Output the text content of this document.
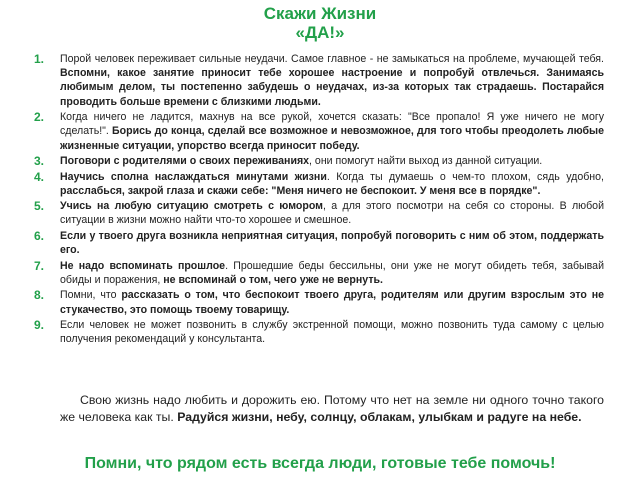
Скажи Жизни
«ДА!»
1. Порой человек переживает сильные неудачи. Самое главное - не замыкаться на проблеме, мучающей тебя. Вспомни, какое занятие приносит тебе хорошее настроение и попробуй отвлечься. Занимаясь любимым делом, ты постепенно забудешь о неудачах, из-за которых так страдаешь. Постарайся проводить больше времени с близкими людьми.
2. Когда ничего не ладится, махнув на все рукой, хочется сказать: "Все пропало! Я уже ничего не могу сделать!". Борись до конца, сделай все возможное и невозможное, для того чтобы преодолеть любые жизненные ситуации, упорство всегда приносит победу.
3. Поговори с родителями о своих переживаниях, они помогут найти выход из данной ситуации.
4. Научись сполна наслаждаться минутами жизни. Когда ты думаешь о чем-то плохом, сядь удобно, расслабься, закрой глаза и скажи себе: "Меня ничего не беспокоит. У меня все в порядке".
5. Учись на любую ситуацию смотреть с юмором, а для этого посмотри на себя со стороны. В любой ситуации в жизни можно найти что-то хорошее и смешное.
6. Если у твоего друга возникла неприятная ситуация, попробуй поговорить с ним об этом, поддержать его.
7. Не надо вспоминать прошлое. Прошедшие беды бессильны, они уже не могут обидеть тебя, забывай обиды и поражения, не вспоминай о том, чего уже не вернуть.
8. Помни, что рассказать о том, что беспокоит твоего друга, родителям или другим взрослым это не стукачество, это помощь твоему товарищу.
9. Если человек не может позвонить в службу экстренной помощи, можно позвонить туда самому с целью получения рекомендаций у консультанта.
Свою жизнь надо любить и дорожить ею. Потому что нет на земле ни одного точно такого же человека как ты. Радуйся жизни, небу, солнцу, облакам, улыбкам и радуге на небе.
Помни, что рядом есть всегда люди, готовые тебе помочь!
